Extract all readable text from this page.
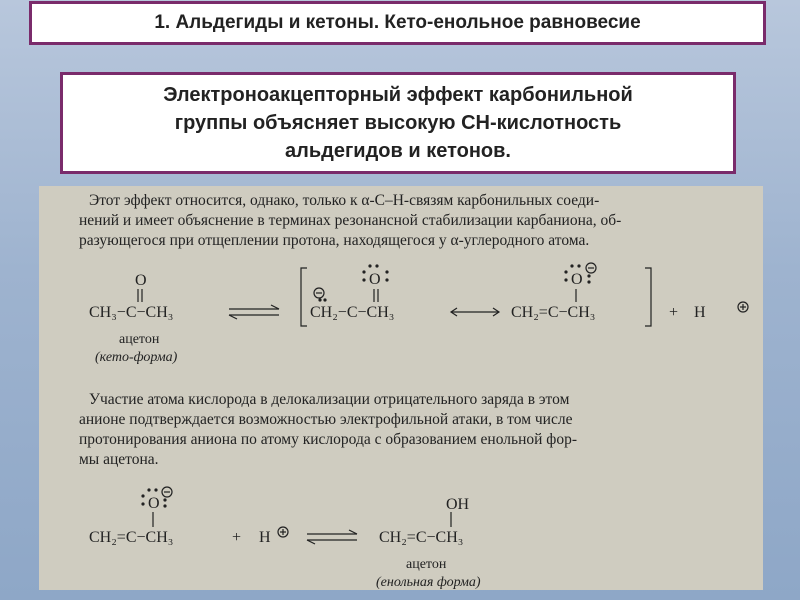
1. Альдегиды и кетоны. Кето-енольное равновесие
Электроноакцепторный эффект карбонильной
группы объясняет высокую СН-кислотность
альдегидов и кетонов.
Этот эффект относится, однако, только к α-С–Н-связям карбонильных соеди-
нений и имеет объяснение в терминах резонансной стабилизации карбаниона, об-
разующегося при отщеплении протона, находящегося у α-углеродного атома.
O
CH₃−C−CH₃
ацетон
(кето-форма)
CH₂−C−CH₃	CH₂=C−CH₃	+ H
Участие атома кислорода в делокализации отрицательного заряда в этом
анионе подтверждается возможностью электрофильной атаки, в том числе
протонирования аниона по атому кислорода с образованием енольной фор-
мы ацетона.
CH₂=C−CH₃	+ H
OH
CH₂=C−CH₃
ацетон
(енольная форма)
O	O
O
